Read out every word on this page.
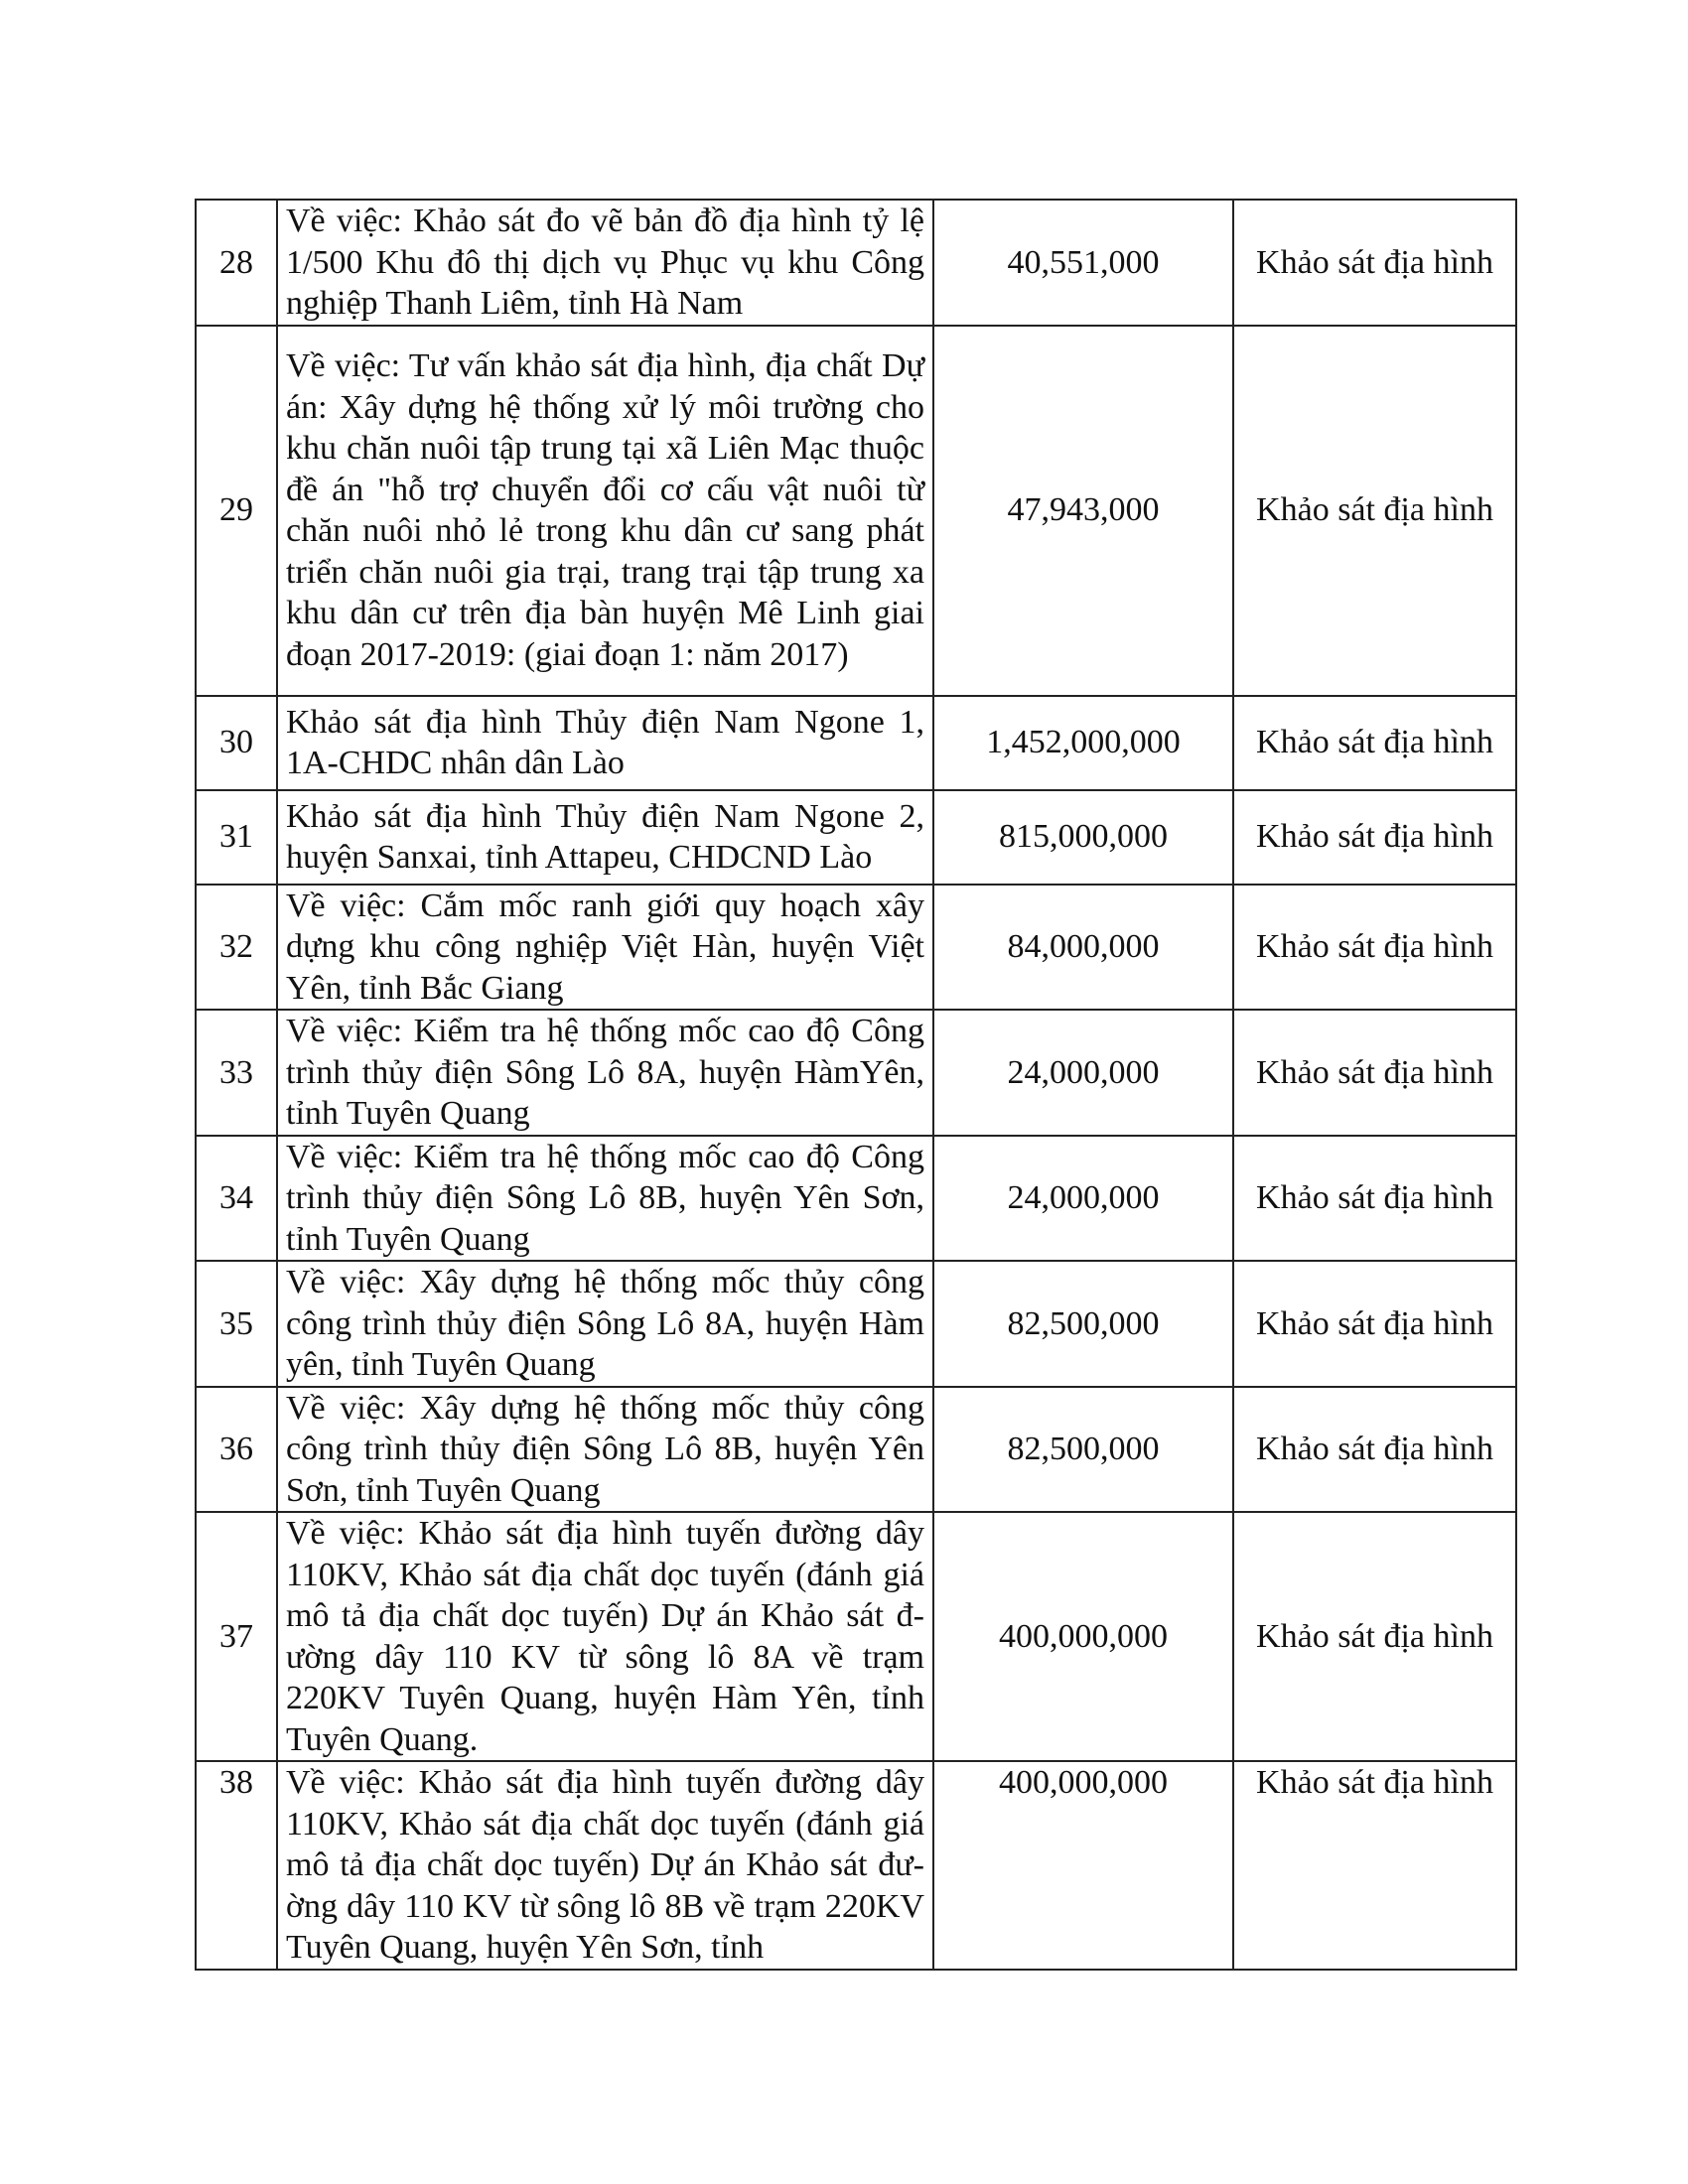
28	Về việc: Khảo sát đo vẽ bản đồ địa hình tỷ lệ 1/500 Khu đô thị dịch vụ Phục vụ khu Công nghiệp Thanh Liêm, tỉnh Hà Nam	40,551,000	Khảo sát địa hình
29	Về việc: Tư vấn khảo sát địa hình, địa chất Dự án: Xây dựng hệ thống xử lý môi trường cho khu chăn nuôi tập trung tại xã Liên Mạc thuộc đề án "hỗ trợ chuyển đổi cơ cấu vật nuôi từ chăn nuôi nhỏ lẻ trong khu dân cư sang phát triển chăn nuôi gia trại, trang trại tập trung xa khu dân cư trên địa bàn huyện Mê Linh giai đoạn 2017-2019: (giai đoạn 1: năm 2017)	47,943,000	Khảo sát địa hình
30	Khảo sát địa hình Thủy điện Nam Ngone 1, 1A-CHDC nhân dân Lào	1,452,000,000	Khảo sát địa hình
31	Khảo sát địa hình Thủy điện Nam Ngone 2, huyện Sanxai, tỉnh Attapeu, CHDCND Lào	815,000,000	Khảo sát địa hình
32	Về việc: Cắm mốc ranh giới quy hoạch xây dựng khu công nghiệp Việt Hàn, huyện Việt Yên, tỉnh Bắc Giang	84,000,000	Khảo sát địa hình
33	Về việc: Kiểm tra hệ thống mốc cao độ Công trình thủy điện Sông Lô 8A, huyện HàmYên, tỉnh Tuyên Quang	24,000,000	Khảo sát địa hình
34	Về việc: Kiểm tra hệ thống mốc cao độ Công trình thủy điện Sông Lô 8B, huyện Yên Sơn, tỉnh Tuyên Quang	24,000,000	Khảo sát địa hình
35	Về việc: Xây dựng hệ thống mốc thủy công công trình thủy điện Sông Lô 8A, huyện Hàm yên, tỉnh Tuyên Quang	82,500,000	Khảo sát địa hình
36	Về việc: Xây dựng hệ thống mốc thủy công công trình thủy điện Sông Lô 8B, huyện Yên Sơn, tỉnh Tuyên Quang	82,500,000	Khảo sát địa hình
37	Về việc: Khảo sát địa hình tuyến đường dây 110KV, Khảo sát địa chất dọc tuyến (đánh giá mô tả địa chất dọc tuyến) Dự án Khảo sát đ- ường dây 110 KV từ sông lô 8A về trạm 220KV Tuyên Quang, huyện Hàm Yên, tỉnh Tuyên Quang.	400,000,000	Khảo sát địa hình
38	Về việc: Khảo sát địa hình tuyến đường dây 110KV, Khảo sát địa chất dọc tuyến (đánh giá mô tả địa chất dọc tuyến) Dự án Khảo sát đư- ờng dây 110 KV từ sông lô 8B về trạm 220KV Tuyên Quang, huyện Yên Sơn, tỉnh	400,000,000	Khảo sát địa hình
